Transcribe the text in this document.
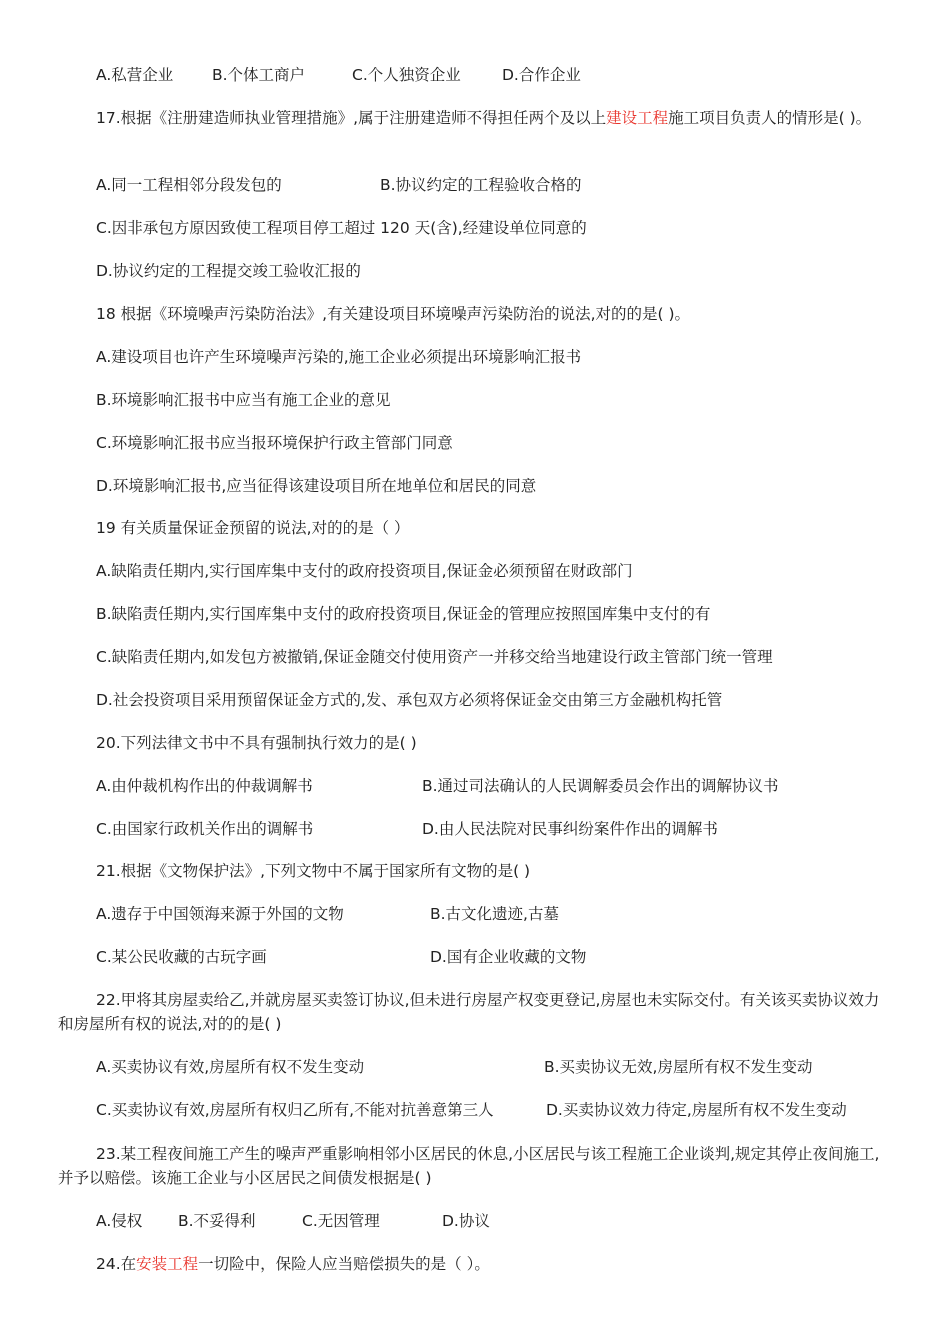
A.私营企业 B.个体工商户	C.个人独资企业	D.合作企业
17.根据《注册建造师执业管理措施》,属于注册建造师不得担任两个及以上建设工程施工项目负责人的情形是( )。
A.同一工程相邻分段发包的	B.协议约定的工程验收合格的
C.因非承包方原因致使工程项目停工超过 120 天(含),经建设单位同意的
D.协议约定的工程提交竣工验收汇报的
18 根据《环境噪声污染防治法》,有关建设项目环境噪声污染防治的说法,对的的是( )。
A.建设项目也许产生环境噪声污染的,施工企业必须提出环境影响汇报书
B.环境影响汇报书中应当有施工企业的意见
C.环境影响汇报书应当报环境保护行政主管部门同意
D.环境影响汇报书,应当征得该建设项目所在地单位和居民的同意
19 有关质量保证金预留的说法,对的的是（ ）
A.缺陷责任期内,实行国库集中支付的政府投资项目,保证金必须预留在财政部门
B.缺陷责任期内,实行国库集中支付的政府投资项目,保证金的管理应按照国库集中支付的有
C.缺陷责任期内,如发包方被撤销,保证金随交付使用资产一并移交给当地建设行政主管部门统一管理
D.社会投资项目采用预留保证金方式的,发、承包双方必须将保证金交由第三方金融机构托管
20.下列法律文书中不具有强制执行效力的是( )
A.由仲裁机构作出的仲裁调解书	B.通过司法确认的人民调解委员会作出的调解协议书
C.由国家行政机关作出的调解书	D.由人民法院对民事纠纷案件作出的调解书
21.根据《文物保护法》,下列文物中不属于国家所有文物的是( )
A.遗存于中国领海来源于外国的文物	B.古文化遗迹,古墓
C.某公民收藏的古玩字画	D.国有企业收藏的文物
22.甲将其房屋卖给乙,并就房屋买卖签订协议,但未进行房屋产权变更登记,房屋也未实际交付。有关该买卖协议效力和房屋所有权的说法,对的的是( )
A.买卖协议有效,房屋所有权不发生变动	B.买卖协议无效,房屋所有权不发生变动
C.买卖协议有效,房屋所有权归乙所有,不能对抗善意第三人	D.买卖协议效力待定,房屋所有权不发生变动
23.某工程夜间施工产生的噪声严重影响相邻小区居民的休息,小区居民与该工程施工企业谈判,规定其停止夜间施工,并予以赔偿。该施工企业与小区居民之间债发根据是( )
A.侵权 B.不妥得利	C.无因管理	D.协议
24.在安装工程一切险中，保险人应当赔偿损失的是（ ）。
